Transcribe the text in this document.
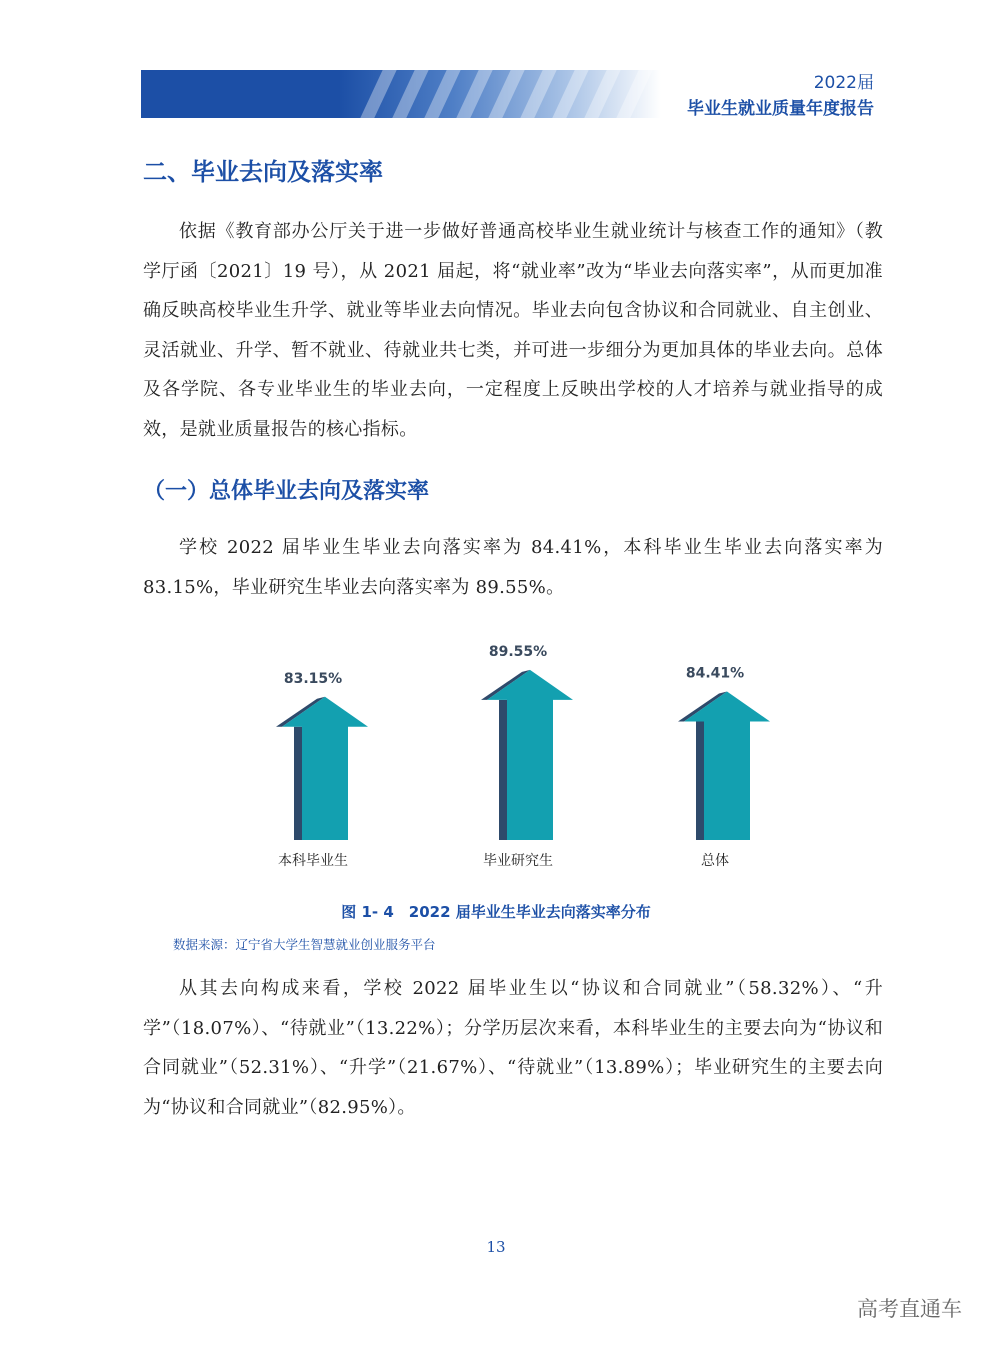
2022届
毕业生就业质量年度报告
二、毕业去向及落实率
依据《教育部办公厅关于进一步做好普通高校毕业生就业统计与核查工作的通知》（教学厅函〔2021〕19 号），从 2021 届起，将“就业率”改为“毕业去向落实率”，从而更加准确反映高校毕业生升学、就业等毕业去向情况。毕业去向包含协议和合同就业、自主创业、灵活就业、升学、暂不就业、待就业共七类，并可进一步细分为更加具体的毕业去向。总体及各学院、各专业毕业生的毕业去向，一定程度上反映出学校的人才培养与就业指导的成效，是就业质量报告的核心指标。
（一）总体毕业去向及落实率
学校 2022 届毕业生毕业去向落实率为 84.41%，本科毕业生毕业去向落实率为 83.15%，毕业研究生毕业去向落实率为 89.55%。
83.15%
本科毕业生
89.55%
毕业研究生
84.41%
总体
图 1- 4　2022 届毕业生毕业去向落实率分布
数据来源：辽宁省大学生智慧就业创业服务平台
从其去向构成来看，学校 2022 届毕业生以“协议和合同就业”（58.32%）、“升学”（18.07%）、“待就业”（13.22%）；分学历层次来看，本科毕业生的主要去向为“协议和合同就业”（52.31%）、“升学”（21.67%）、“待就业”（13.89%）；毕业研究生的主要去向为“协议和合同就业”（82.95%）。
13
高考直通车
